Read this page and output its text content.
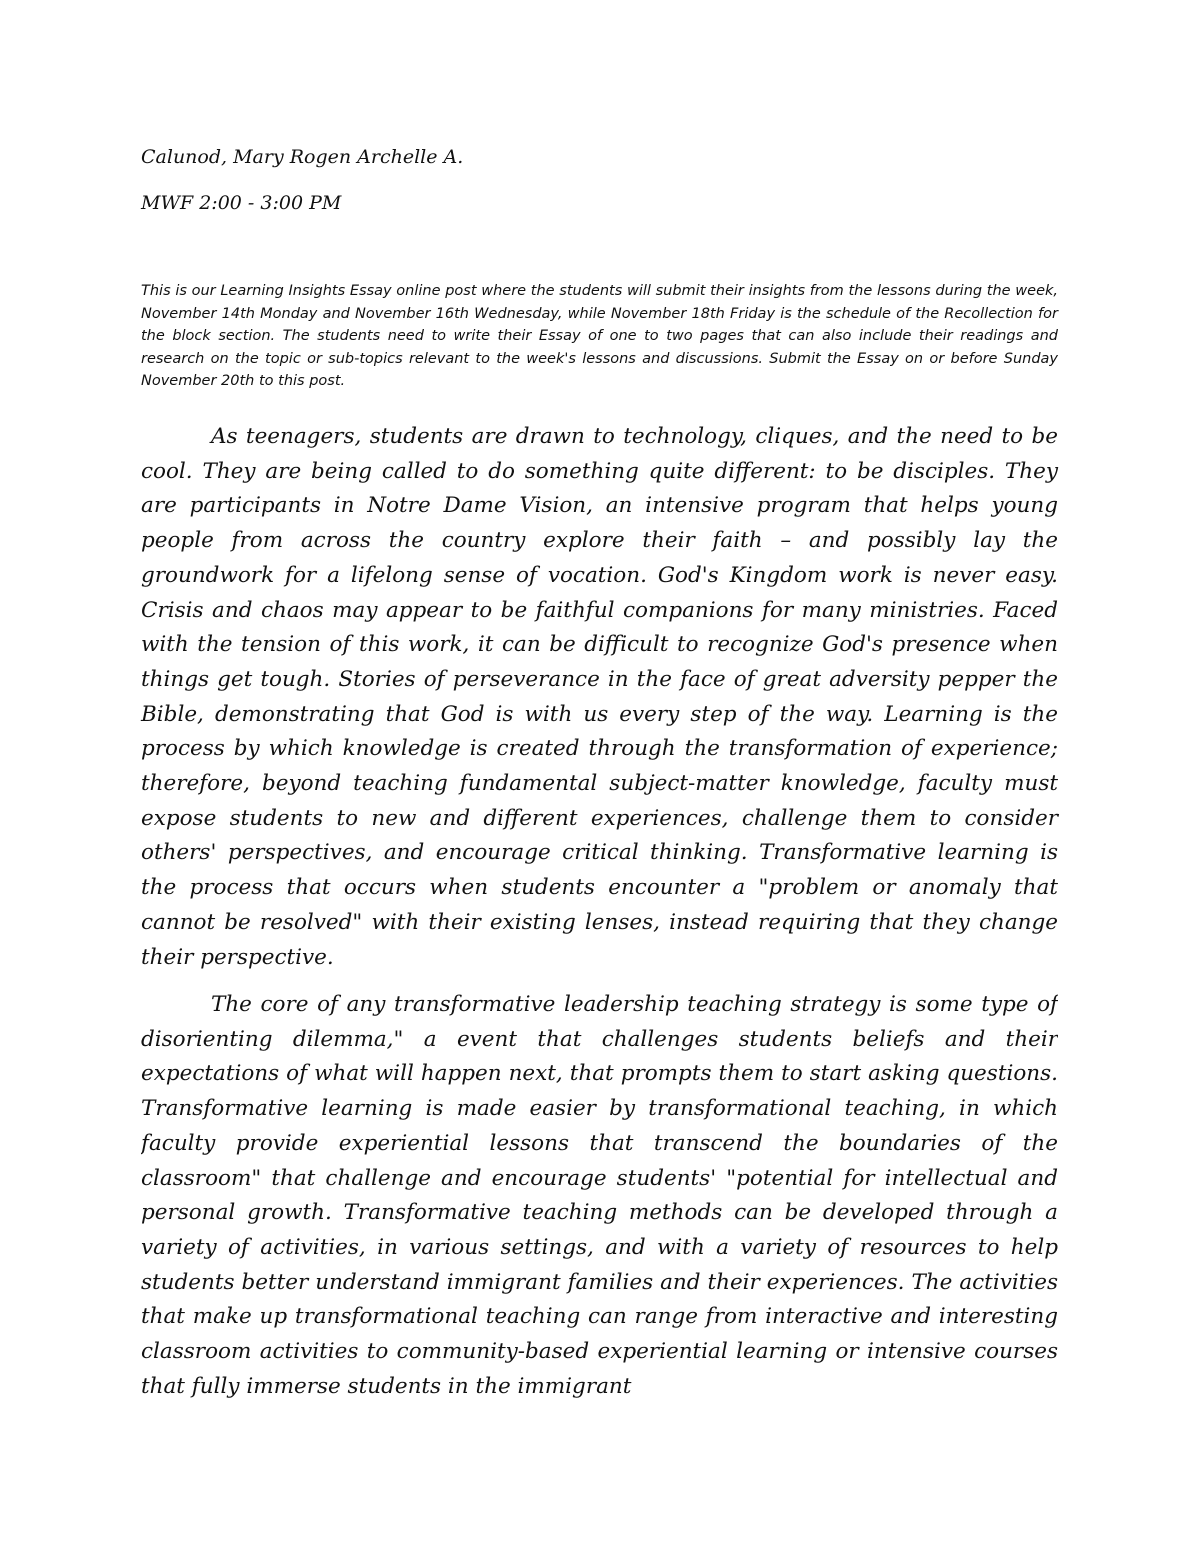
Calunod, Mary Rogen Archelle A.
MWF 2:00 - 3:00 PM
This is our Learning Insights Essay online post where the students will submit their insights from the lessons during the week, November 14th Monday and November 16th Wednesday, while November 18th Friday is the schedule of the Recollection for the block section. The students need to write their Essay of one to two pages that can also include their readings and research on the topic or sub-topics relevant to the week's lessons and discussions. Submit the Essay on or before Sunday November 20th to this post.

As teenagers, students are drawn to technology, cliques, and the need to be cool. They are being called to do something quite different: to be disciples. They are participants in Notre Dame Vision, an intensive program that helps young people from across the country explore their faith – and possibly lay the groundwork for a lifelong sense of vocation. God's Kingdom work is never easy. Crisis and chaos may appear to be faithful companions for many ministries. Faced with the tension of this work, it can be difficult to recognize God's presence when things get tough. Stories of perseverance in the face of great adversity pepper the Bible, demonstrating that God is with us every step of the way. Learning is the process by which knowledge is created through the transformation of experience; therefore, beyond teaching fundamental subject-matter knowledge, faculty must expose students to new and different experiences, challenge them to consider others' perspectives, and encourage critical thinking. Transformative learning is the process that occurs when students encounter a "problem or anomaly that cannot be resolved" with their existing lenses, instead requiring that they change their perspective.

The core of any transformative leadership teaching strategy is some type of disorienting dilemma," a event that challenges students beliefs and their expectations of what will happen next, that prompts them to start asking questions. Transformative learning is made easier by transformational teaching, in which faculty provide experiential lessons that transcend the boundaries of the classroom" that challenge and encourage students' "potential for intellectual and personal growth. Transformative teaching methods can be developed through a variety of activities, in various settings, and with a variety of resources to help students better understand immigrant families and their experiences. The activities that make up transformational teaching can range from interactive and interesting classroom activities to community-based experiential learning or intensive courses that fully immerse students in the immigrant
